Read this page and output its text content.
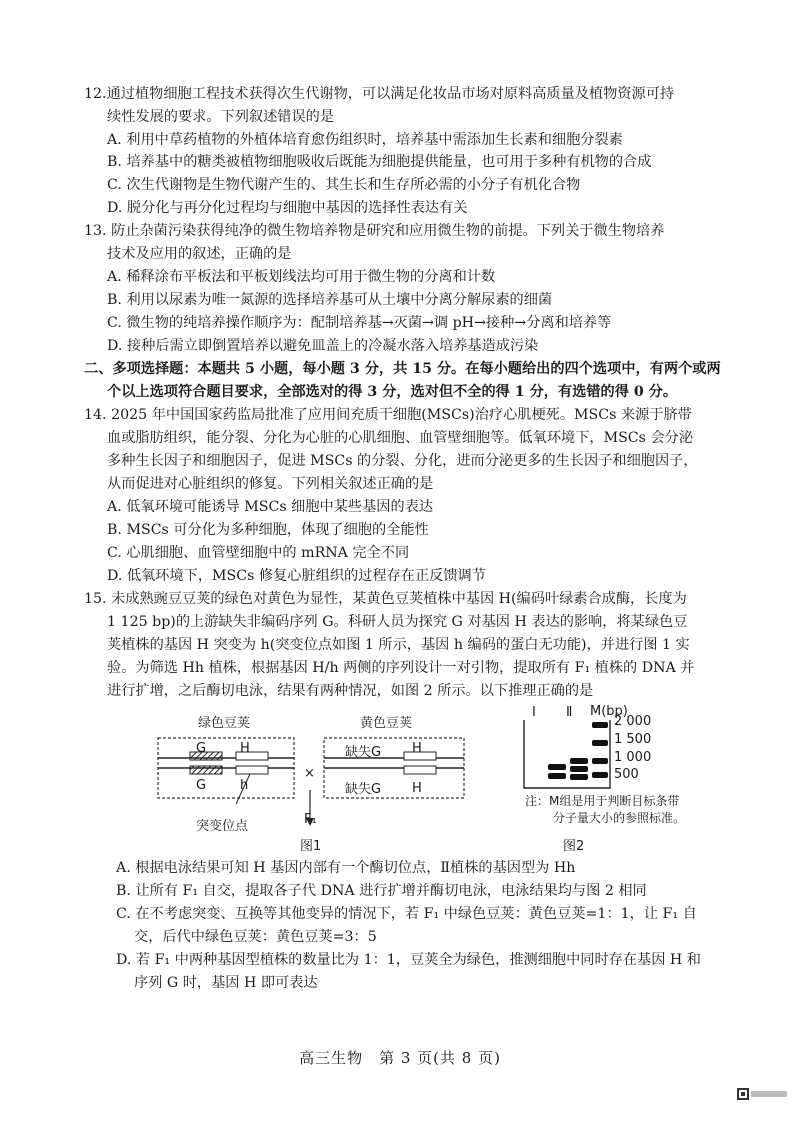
12.通过植物细胞工程技术获得次生代谢物，可以满足化妆品市场对原料高质量及植物资源可持
续性发展的要求。下列叙述错误的是
A. 利用中草药植物的外植体培育愈伤组织时，培养基中需添加生长素和细胞分裂素
B. 培养基中的糖类被植物细胞吸收后既能为细胞提供能量，也可用于多种有机物的合成
C. 次生代谢物是生物代谢产生的、其生长和生存所必需的小分子有机化合物
D. 脱分化与再分化过程均与细胞中基因的选择性表达有关
13. 防止杂菌污染获得纯净的微生物培养物是研究和应用微生物的前提。下列关于微生物培养
技术及应用的叙述，正确的是
A. 稀释涂布平板法和平板划线法均可用于微生物的分离和计数
B. 利用以尿素为唯一氮源的选择培养基可从土壤中分离分解尿素的细菌
C. 微生物的纯培养操作顺序为：配制培养基→灭菌→调 pH→接种→分离和培养等
D. 接种后需立即倒置培养以避免皿盖上的冷凝水落入培养基造成污染
二、多项选择题：本题共 5 小题，每小题 3 分，共 15 分。在每小题给出的四个选项中，有两个或两
个以上选项符合题目要求，全部选对的得 3 分，选对但不全的得 1 分，有选错的得 0 分。
14. 2025 年中国国家药监局批准了应用间充质干细胞(MSCs)治疗心肌梗死。MSCs 来源于脐带
血或脂肪组织，能分裂、分化为心脏的心肌细胞、血管壁细胞等。低氧环境下，MSCs 会分泌
多种生长因子和细胞因子，促进 MSCs 的分裂、分化，进而分泌更多的生长因子和细胞因子，
从而促进对心脏组织的修复。下列相关叙述正确的是
A. 低氧环境可能诱导 MSCs 细胞中某些基因的表达
B. MSCs 可分化为多种细胞，体现了细胞的全能性
C. 心肌细胞、血管壁细胞中的 mRNA 完全不同
D. 低氧环境下，MSCs 修复心脏组织的过程存在正反馈调节
15. 未成熟豌豆豆荚的绿色对黄色为显性，某黄色豆荚植株中基因 H(编码叶绿素合成酶，长度为
1 125 bp)的上游缺失非编码序列 G。科研人员为探究 G 对基因 H 表达的影响，将某绿色豆
荚植株的基因 H 突变为 h(突变位点如图 1 所示，基因 h 编码的蛋白无功能)，并进行图 1 实
验。为筛选 Hh 植株，根据基因 H/h 两侧的序列设计一对引物，提取所有 F₁ 植株的 DNA 并
进行扩增，之后酶切电泳，结果有两种情况，如图 2 所示。以下推理正确的是
绿色豆荚	黄色豆荚
G	H
G	h
缺失G H
缺失G H
×
F₁
突变位点
图1
Ⅰ Ⅱ M(bp)
2 000
1 500
1 000
500
注：M组是用于判断目标条带
分子量大小的参照标准。
图2
A. 根据电泳结果可知 H 基因内部有一个酶切位点，Ⅱ植株的基因型为 Hh
B. 让所有 F₁ 自交，提取各子代 DNA 进行扩增并酶切电泳，电泳结果均与图 2 相同
C. 在不考虑突变、互换等其他变异的情况下，若 F₁ 中绿色豆荚：黄色豆荚=1：1，让 F₁ 自
交，后代中绿色豆荚：黄色豆荚=3：5
D. 若 F₁ 中两种基因型植株的数量比为 1：1，豆荚全为绿色，推测细胞中同时存在基因 H 和
序列 G 时，基因 H 即可表达
高三生物　第 3 页(共 8 页)
